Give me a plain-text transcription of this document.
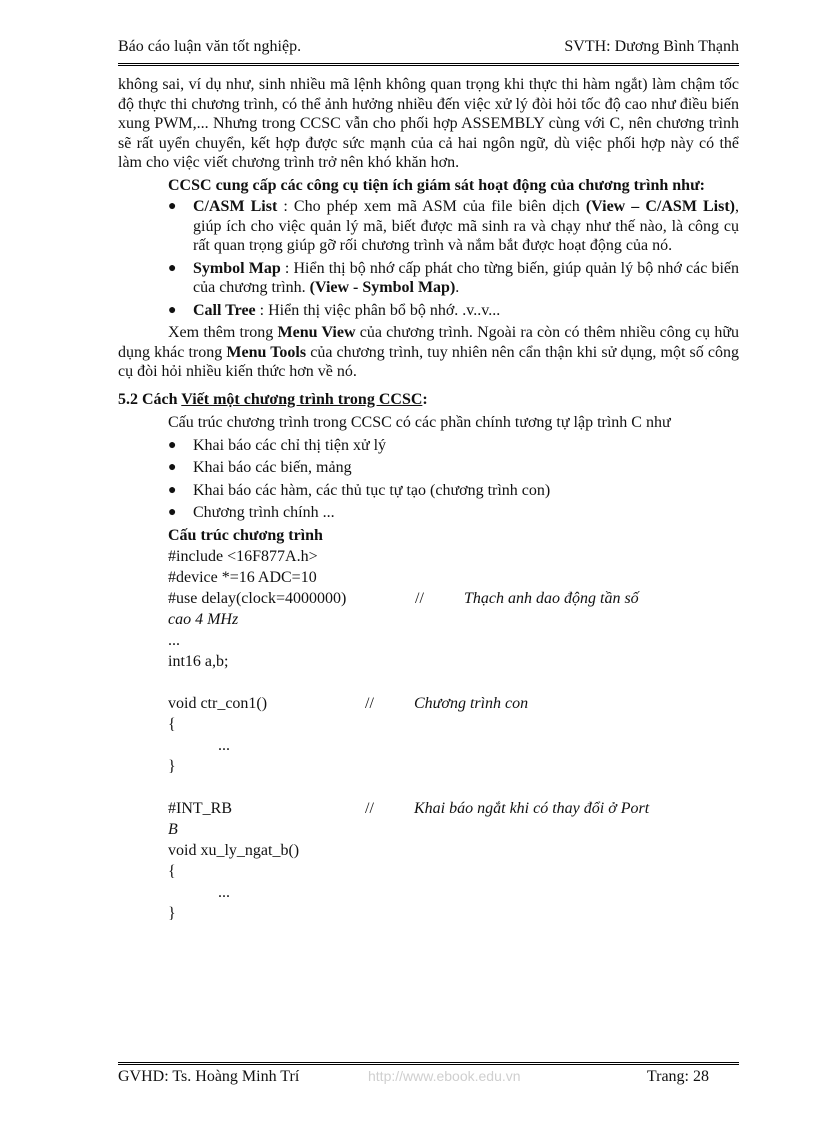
Báo cáo luận văn tốt nghiệp.	SVTH: Dương Bình Thạnh

không sai, ví dụ như, sinh nhiều mã lệnh không quan trọng khi thực thi hàm ngắt) làm chậm tốc độ thực thi chương trình, có thể ảnh hưởng nhiều đến việc xử lý đòi hỏi tốc độ cao như điều biến xung PWM,... Nhưng trong CCSC vẫn cho phối hợp ASSEMBLY cùng với C, nên chương trình sẽ rất uyển chuyển, kết hợp được sức mạnh của cả hai ngôn ngữ, dù việc phối hợp này có thể làm cho việc viết chương trình trở nên khó khăn hơn.

CCSC cung cấp các công cụ tiện ích giám sát hoạt động của chương trình như:

● C/ASM List : Cho phép xem mã ASM của file biên dịch (View – C/ASM List), giúp ích cho việc quản lý mã, biết được mã sinh ra và chạy như thế nào, là công cụ rất quan trọng giúp gỡ rối chương trình và nắm bắt được hoạt động của nó.
● Symbol Map : Hiển thị bộ nhớ cấp phát cho từng biến, giúp quản lý bộ nhớ các biến của chương trình. (View - Symbol Map).
● Call Tree : Hiển thị việc phân bổ bộ nhớ. .v..v...

Xem thêm trong Menu View của chương trình. Ngoài ra còn có thêm nhiều công cụ hữu dụng khác trong Menu Tools của chương trình, tuy nhiên nên cẩn thận khi sử dụng, một số công cụ đòi hỏi nhiều kiến thức hơn về nó.

5.2 Cách Viết một chương trình trong CCSC:

Cấu trúc chương trình trong CCSC có các phần chính tương tự lập trình C như

● Khai báo các chỉ thị tiện xử lý
● Khai báo các biến, mảng
● Khai báo các hàm, các thủ tục tự tạo (chương trình con)
● Chương trình chính ...
Cấu trúc chương trình
#include <16F877A.h>
#device *=16 ADC=10
#use delay(clock=4000000)	//	Thạch anh dao động tần số
cao 4 MHz
...
int16 a,b;
void ctr_con1()	//	Chương trình con
{
...
}
#INT_RB	//	Khai báo ngắt khi có thay đổi ở Port
B
void xu_ly_ngat_b()
{
...
}
GVHD: Ts. Hoàng Minh Trí	http://www.ebook.edu.vn	Trang: 28
